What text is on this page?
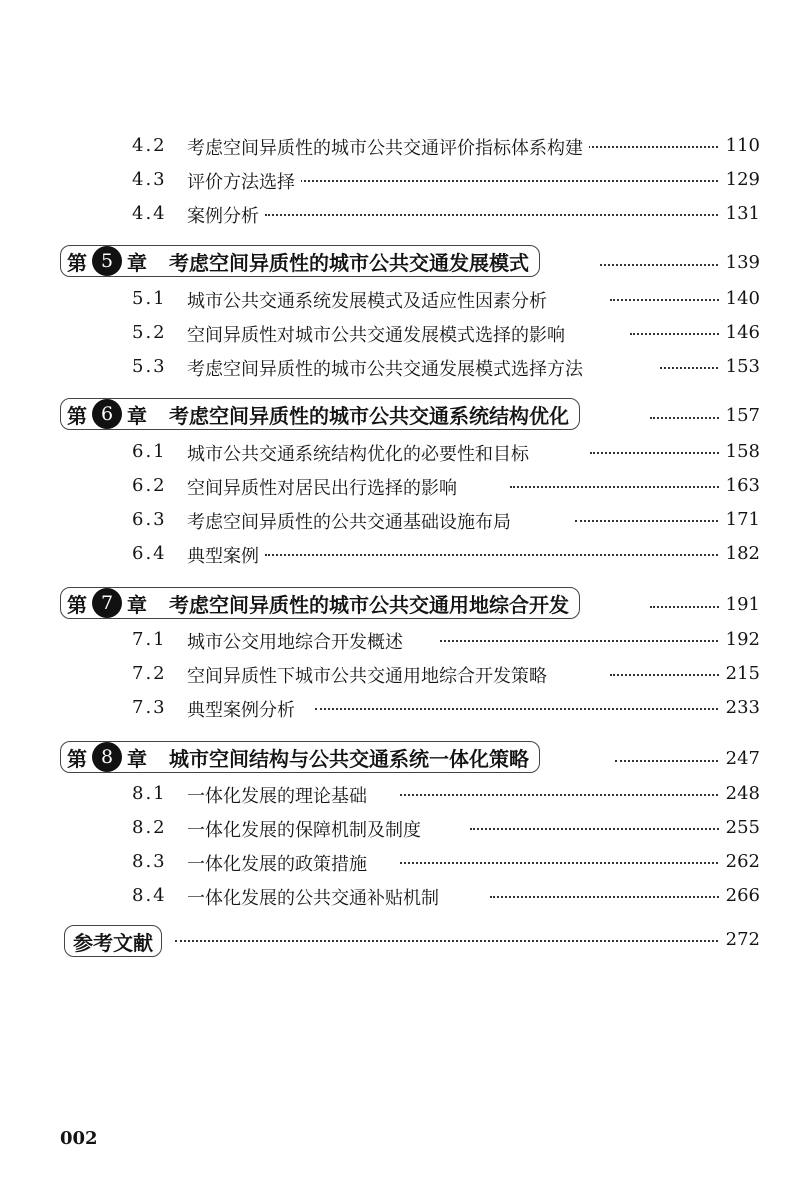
4.2 考虑空间异质性的城市公共交通评价指标体系构建	110
4.3 评价方法选择	129
4.4 案例分析	131
第 5 章 考虑空间异质性的城市公共交通发展模式	139
5.1 城市公共交通系统发展模式及适应性因素分析	140
5.2 空间异质性对城市公共交通发展模式选择的影响	146
5.3 考虑空间异质性的城市公共交通发展模式选择方法	153
第 6 章 考虑空间异质性的城市公共交通系统结构优化	157
6.1 城市公共交通系统结构优化的必要性和目标	158
6.2 空间异质性对居民出行选择的影响	163
6.3 考虑空间异质性的公共交通基础设施布局	171
6.4 典型案例	182
第 7 章 考虑空间异质性的城市公共交通用地综合开发	191
7.1 城市公交用地综合开发概述	192
7.2 空间异质性下城市公共交通用地综合开发策略	215
7.3 典型案例分析	233
第 8 章 城市空间结构与公共交通系统一体化策略	247
8.1 一体化发展的理论基础	248
8.2 一体化发展的保障机制及制度	255
8.3 一体化发展的政策措施	262
8.4 一体化发展的公共交通补贴机制	266
参考文献	272
002
